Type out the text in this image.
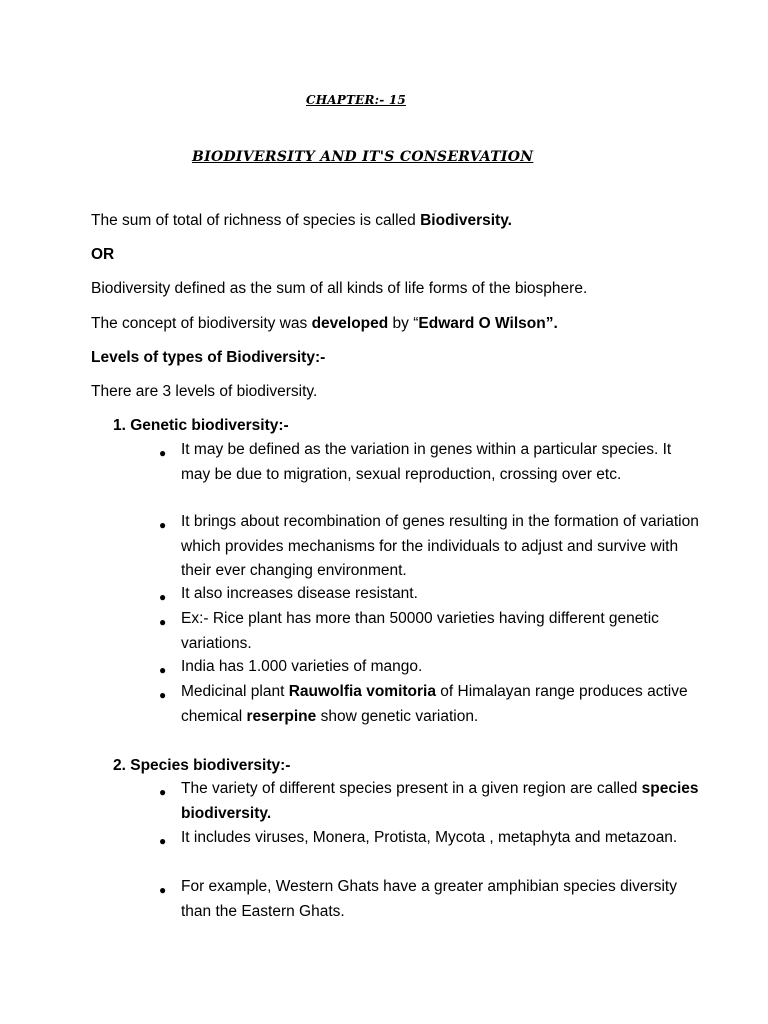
CHAPTER:- 15
BIODIVERSITY AND IT'S CONSERVATION
The sum of total of richness of species is called Biodiversity.
OR
Biodiversity defined as the sum of all kinds of life forms of the biosphere.
The concept of biodiversity was developed by “Edward O Wilson”.
Levels of types of Biodiversity:-
There are 3 levels of biodiversity.
1. Genetic biodiversity:-
● It may be defined as the variation in genes within a particular species. It may be due to migration, sexual reproduction, crossing over etc.
● It brings about recombination of genes resulting in the formation of variation which provides mechanisms for the individuals to adjust and survive with their ever changing environment.
● It also increases disease resistant.
● Ex:- Rice plant has more than 50000 varieties having different genetic variations.
● India has 1.000 varieties of mango.
● Medicinal plant Rauwolfia vomitoria of Himalayan range produces active chemical reserpine show genetic variation.
2. Species biodiversity:-
● The variety of different species present in a given region are called species biodiversity.
● It includes viruses, Monera, Protista, Mycota , metaphyta and metazoan.
● For example, Western Ghats have a greater amphibian species diversity than the Eastern Ghats.
